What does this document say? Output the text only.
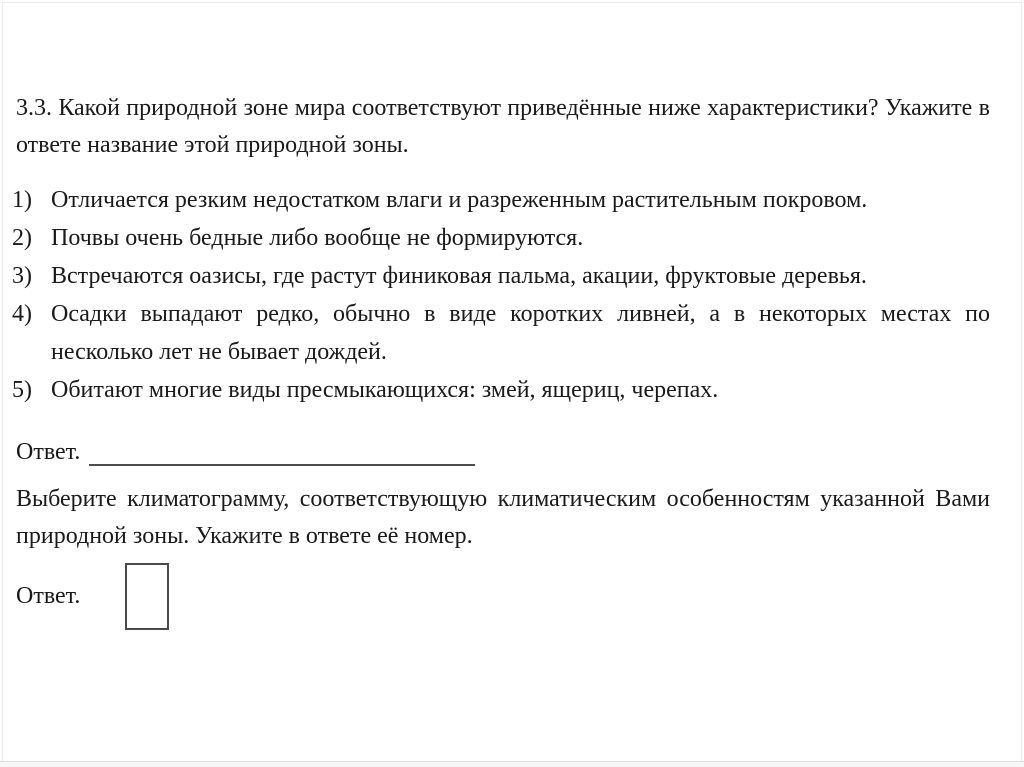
3.3. Какой природной зоне мира соответствуют приведённые ниже характеристики? Укажите в ответе название этой природной зоны.

1) Отличается резким недостатком влаги и разреженным растительным покровом.
2) Почвы очень бедные либо вообще не формируются.
3) Встречаются оазисы, где растут финиковая пальма, акации, фруктовые деревья.
4) Осадки выпадают редко, обычно в виде коротких ливней, а в некоторых местах по несколько лет не бывает дождей.
5) Обитают многие виды пресмыкающихся: змей, ящериц, черепах.
Ответ.

Выберите климатограмму, соответствующую климатическим особенностям указанной Вами природной зоны. Укажите в ответе её номер.

Ответ.
